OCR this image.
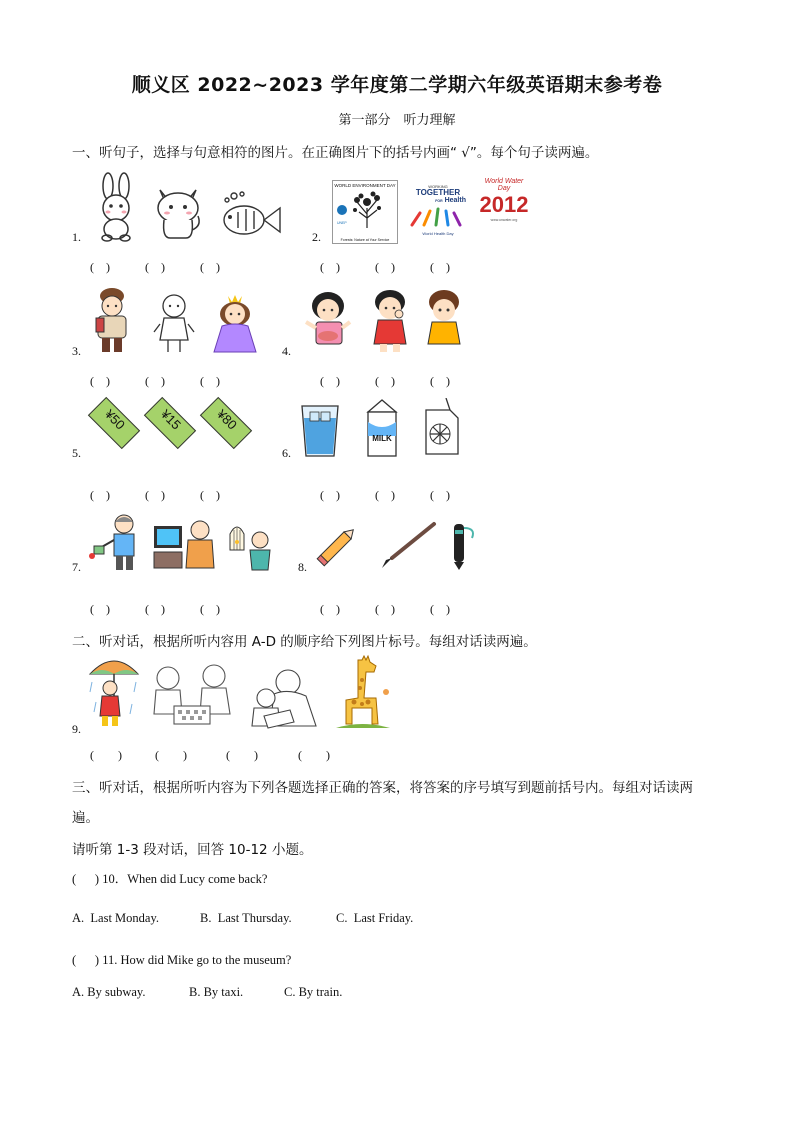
顺义区 2022~2023 学年度第二学期六年级英语期末参考卷
第一部分　听力理解
一、听句子，选择与句意相符的图片。在正确图片下的括号内画“ √”。每个句子读两遍。
1.
(　)	(　)	(　)
2.
WORLD ENVIRONMENT DAY
UNEP
Forests: Nature at Your Service
WORKING
TOGETHER
FOR Health
World Health Day
World Water Day
2012
www.unwater.org
(　)	(　)	(　)
3.
(　)	(　)	(　)
4.
(　)	(　)	(　)
5.
¥50	¥15	¥80
(　)	(　)	(　)
6.
MILK
(　)	(　)	(　)
7.
(　)	(　)	(　)
8.
(　)	(　)	(　)
二、听对话，根据所听内容用 A-D 的顺序给下列图片标号。每组对话读两遍。
9.
(　　)	(　　)	(　　)	(　　)
三、听对话，根据所听内容为下列各题选择正确的答案，将答案的序号填写到题前括号内。每组对话读两
遍。
请听第 1-3 段对话，回答 10-12 小题。
(      ) 10．When did Lucy come back?
A.  Last Monday.	B.  Last Thursday.	C.  Last Friday.
(      ) 11. How did Mike go to the museum?
A. By subway.	B. By taxi.	C. By train.
